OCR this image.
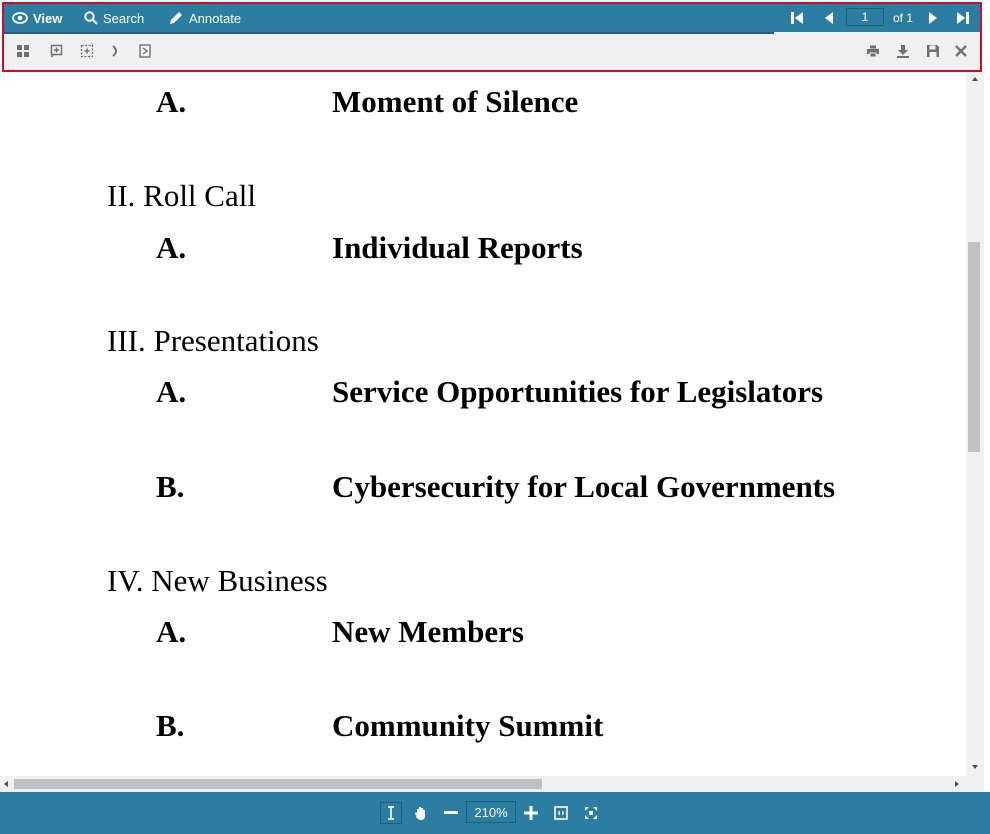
View	Search	Annotate
1	of 1
A.	Moment of Silence
II. Roll Call
A.	Individual Reports
III. Presentations
A.	Service Opportunities for Legislators
B.	Cybersecurity for Local Governments
IV. New Business
A.	New Members
B.	Community Summit
210%
